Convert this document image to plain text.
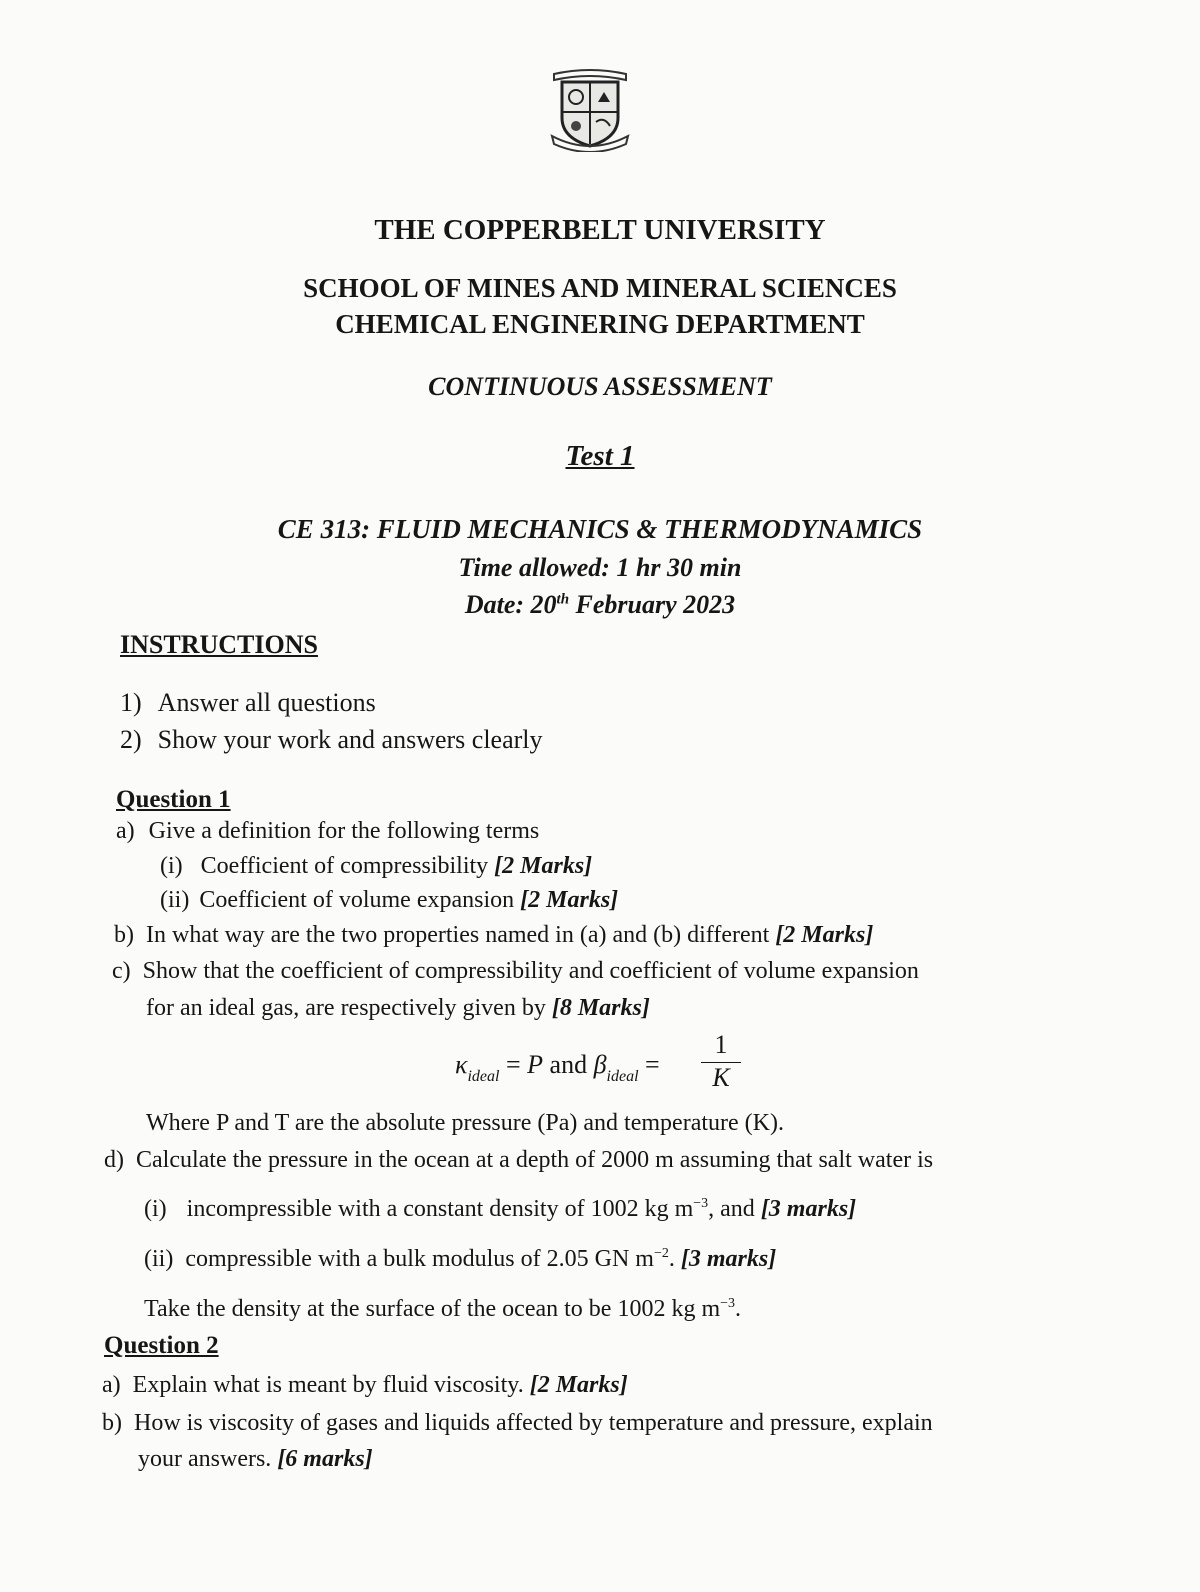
THE COPPERBELT UNIVERSITY
SCHOOL OF MINES AND MINERAL SCIENCES
CHEMICAL ENGINERING DEPARTMENT
CONTINUOUS ASSESSMENT
Test 1
CE 313: FLUID MECHANICS & THERMODYNAMICS
Time allowed: 1 hr 30 min
Date: 20th February 2023
INSTRUCTIONS
1) Answer all questions
2) Show your work and answers clearly
Question 1
a) Give a definition for the following terms
(i) Coefficient of compressibility [2 Marks]
(ii) Coefficient of volume expansion [2 Marks]
b) In what way are the two properties named in (a) and (b) different [2 Marks]
c) Show that the coefficient of compressibility and coefficient of volume expansion
for an ideal gas, are respectively given by [8 Marks]
$\kappa_{ideal} = P$ and $\beta_{ideal}$ =
1
K
Where P and T are the absolute pressure (Pa) and temperature (K).
d) Calculate the pressure in the ocean at a depth of 2000 m assuming that salt water is
(i) incompressible with a constant density of 1002 kg $m^{-3}$, and [3 marks]
(ii) compressible with a bulk modulus of 2.05 GN $m^{-2}$. [3 marks]
Take the density at the surface of the ocean to be 1002 kg $m^{-3}$.
Question 2
a) Explain what is meant by fluid viscosity. [2 Marks]
b) How is viscosity of gases and liquids affected by temperature and pressure, explain
your answers. [6 marks]
